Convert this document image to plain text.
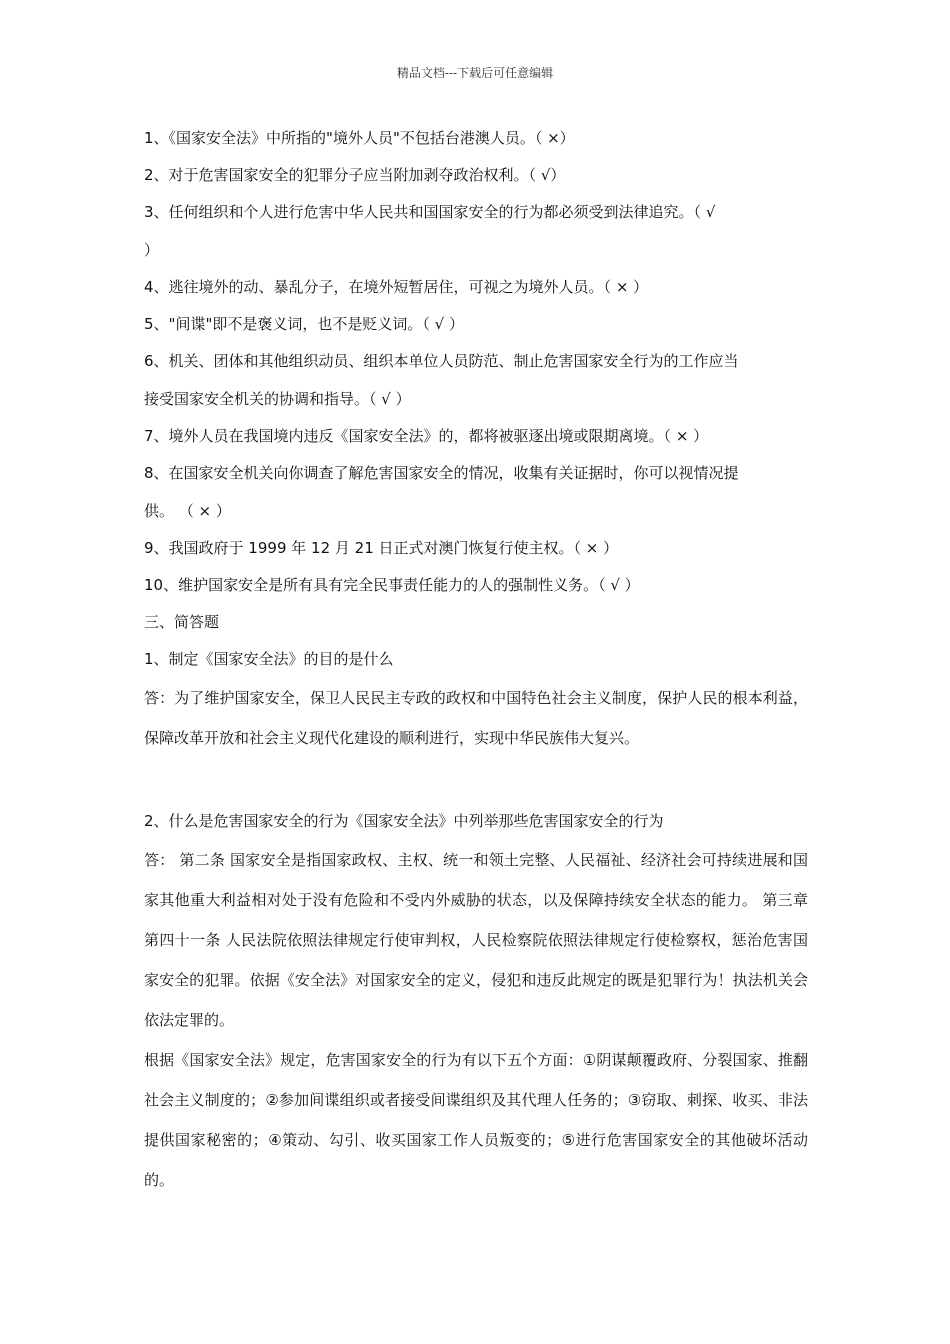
精品文档---下载后可任意编辑
1、《国家安全法》中所指的"境外人员"不包括台港澳人员。（ ×）
2、对于危害国家安全的犯罪分子应当附加剥夺政治权利。（ √）
3、任何组织和个人进行危害中华人民共和国国家安全的行为都必须受到法律追究。（ √
）
4、逃往境外的动、暴乱分子，在境外短暂居住，可视之为境外人员。（ × ）
5、"间谍"即不是褒义词，也不是贬义词。（ √ ）
6、机关、团体和其他组织动员、组织本单位人员防范、制止危害国家安全行为的工作应当
接受国家安全机关的协调和指导。（ √ ）
7、境外人员在我国境内违反《国家安全法》的，都将被驱逐出境或限期离境。（ × ）
8、在国家安全机关向你调查了解危害国家安全的情况，收集有关证据时，你可以视情况提
供。 （ × ）
9、我国政府于 1999 年 12 月 21 日正式对澳门恢复行使主权。（ × ）
10、维护国家安全是所有具有完全民事责任能力的人的强制性义务。（ √ ）
三、简答题
1、制定《国家安全法》的目的是什么
答：为了维护国家安全，保卫人民民主专政的政权和中国特色社会主义制度，保护人民的根本利益，保障改革开放和社会主义现代化建设的顺利进行，实现中华民族伟大复兴。
2、什么是危害国家安全的行为《国家安全法》中列举那些危害国家安全的行为
答： 第二条 国家安全是指国家政权、主权、统一和领土完整、人民福祉、经济社会可持续进展和国家其他重大利益相对处于没有危险和不受内外威胁的状态，以及保障持续安全状态的能力。 第三章 第四十一条 人民法院依照法律规定行使审判权，人民检察院依照法律规定行使检察权，惩治危害国家安全的犯罪。依据《安全法》对国家安全的定义，侵犯和违反此规定的既是犯罪行为！执法机关会依法定罪的。
根据《国家安全法》规定，危害国家安全的行为有以下五个方面：①阴谋颠覆政府、分裂国家、推翻社会主义制度的；②参加间谍组织或者接受间谍组织及其代理人任务的；③窃取、刺探、收买、非法提供国家秘密的；④策动、勾引、收买国家工作人员叛变的；⑤进行危害国家安全的其他破坏活动的。
